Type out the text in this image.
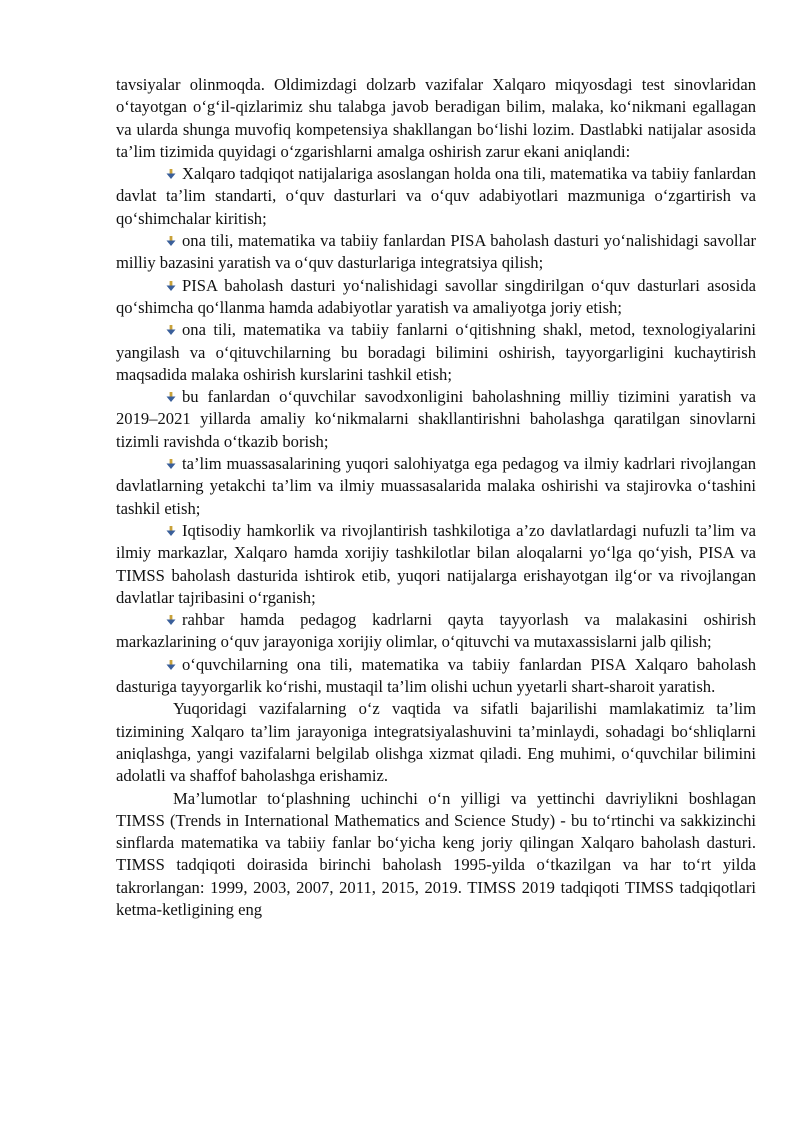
tavsiyalar olinmoqda. Oldimizdagi dolzarb vazifalar Xalqaro miqyosdagi test sinovlaridan o‘tayotgan o‘g‘il-qizlarimiz shu talabga javob beradigan bilim, malaka, ko‘nikmani egallagan va ularda shunga muvofiq kompetensiya shakllangan bo‘lishi lozim. Dastlabki natijalar asosida ta’lim tizimida quyidagi o‘zgarishlarni amalga oshirish zarur ekani aniqlandi:

Xalqaro tadqiqot natijalariga asoslangan holda ona tili, matematika va tabiiy fanlardan davlat ta’lim standarti, o‘quv dasturlari va o‘quv adabiyotlari mazmuniga o‘zgartirish va qo‘shimchalar kiritish;

ona tili, matematika va tabiiy fanlardan PISA baholash dasturi yo‘nalishidagi savollar milliy bazasini yaratish va o‘quv dasturlariga integratsiya qilish;

PISA baholash dasturi yo‘nalishidagi savollar singdirilgan o‘quv dasturlari asosida qo‘shimcha qo‘llanma hamda adabiyotlar yaratish va amaliyotga joriy etish;

ona tili, matematika va tabiiy fanlarni o‘qitishning shakl, metod, texnologiyalarini yangilash va o‘qituvchilarning bu boradagi bilimini oshirish, tayyorgarligini kuchaytirish maqsadida malaka oshirish kurslarini tashkil etish;

bu fanlardan o‘quvchilar savodxonligini baholashning milliy tizimini yaratish va 2019–2021 yillarda amaliy ko‘nikmalarni shakllantirishni baholashga qaratilgan sinovlarni tizimli ravishda o‘tkazib borish;

ta’lim muassasalarining yuqori salohiyatga ega pedagog va ilmiy kadrlari rivojlangan davlatlarning yetakchi ta’lim va ilmiy muassasalarida malaka oshirishi va stajirovka o‘tashini tashkil etish;

Iqtisodiy hamkorlik va rivojlantirish tashkilotiga a’zo davlatlardagi nufuzli ta’lim va ilmiy markazlar, Xalqaro hamda xorijiy tashkilotlar bilan aloqalarni yo‘lga qo‘yish, PISA va TIMSS baholash dasturida ishtirok etib, yuqori natijalarga erishayotgan ilg‘or va rivojlangan davlatlar tajribasini o‘rganish;

rahbar hamda pedagog kadrlarni qayta tayyorlash va malakasini oshirish markazlarining o‘quv jarayoniga xorijiy olimlar, o‘qituvchi va mutaxassislarni jalb qilish;

o‘quvchilarning ona tili, matematika va tabiiy fanlardan PISA Xalqaro baholash dasturiga tayyorgarlik ko‘rishi, mustaqil ta’lim olishi uchun yyetarli shart-sharoit yaratish.

Yuqoridagi vazifalarning o‘z vaqtida va sifatli bajarilishi mamlakatimiz ta’lim tizimining Xalqaro ta’lim jarayoniga integratsiyalashuvini ta’minlaydi, sohadagi bo‘shliqlarni aniqlashga, yangi vazifalarni belgilab olishga xizmat qiladi. Eng muhimi, o‘quvchilar bilimini adolatli va shaffof baholashga erishamiz.

Ma’lumotlar to‘plashning uchinchi o‘n yilligi va yettinchi davriylikni boshlagan TIMSS (Trends in International Mathematics and Science Study) - bu to‘rtinchi va sakkizinchi sinflarda matematika va tabiiy fanlar bo‘yicha keng joriy qilingan Xalqaro baholash dasturi. TIMSS tadqiqoti doirasida birinchi baholash 1995-yilda o‘tkazilgan va har to‘rt yilda takrorlangan: 1999, 2003, 2007, 2011, 2015, 2019. TIMSS 2019 tadqiqoti TIMSS tadqiqotlari ketma-ketligining eng
